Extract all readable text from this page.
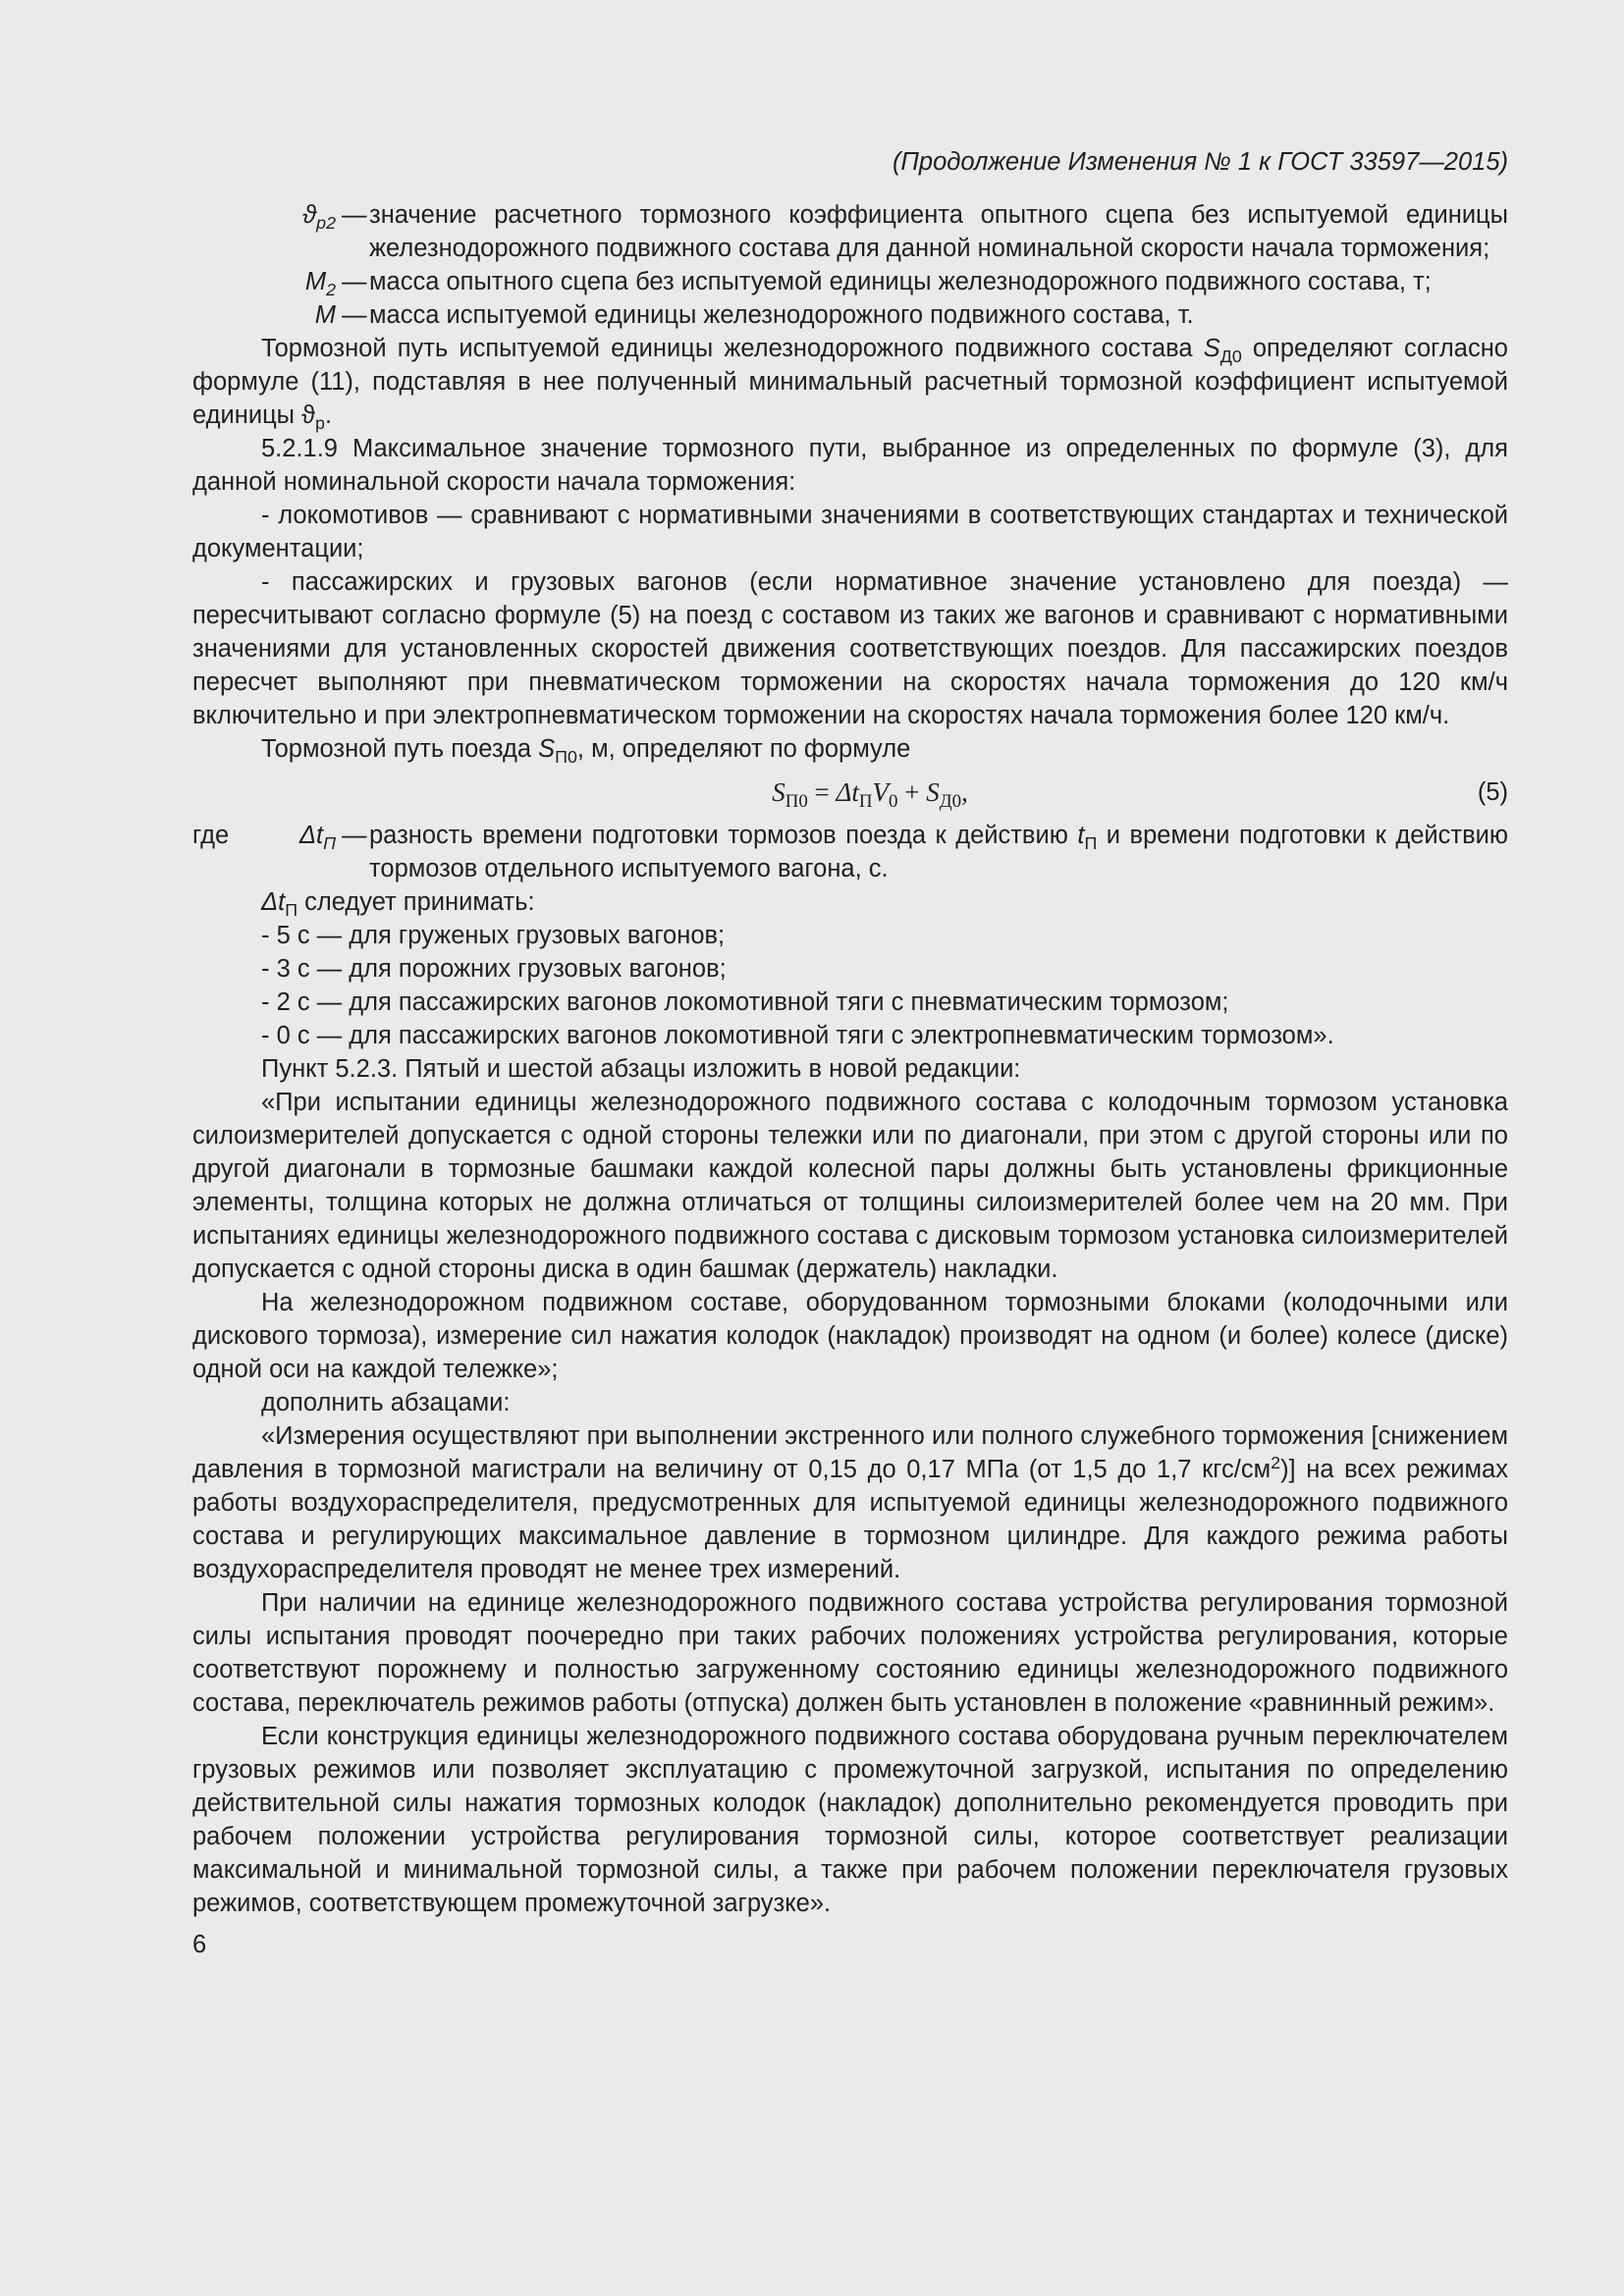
(Продолжение Изменения № 1 к ГОСТ 33597—2015)
$ϑ_{р2}$ — значение расчетного тормозного коэффициента опытного сцепа без испытуемой единицы железнодорожного подвижного состава для данной номинальной скорости начала торможения;
$M_2$ — масса опытного сцепа без испытуемой единицы железнодорожного подвижного состава, т;
M — масса испытуемой единицы железнодорожного подвижного состава, т.

Тормозной путь испытуемой единицы железнодорожного подвижного состава $S_{Д0}$ определяют согласно формуле (11), подставляя в нее полученный минимальный расчетный тормозной коэффициент испытуемой единицы $ϑ_р$.

5.2.1.9 Максимальное значение тормозного пути, выбранное из определенных по формуле (3), для данной номинальной скорости начала торможения:

- локомотивов — сравнивают с нормативными значениями в соответствующих стандартах и технической документации;

- пассажирских и грузовых вагонов (если нормативное значение установлено для поезда) — пересчитывают согласно формуле (5) на поезд с составом из таких же вагонов и сравнивают с нормативными значениями для установленных скоростей движения соответствующих поездов. Для пассажирских поездов пересчет выполняют при пневматическом торможении на скоростях начала торможения до 120 км/ч включительно и при электропневматическом торможении на скоростях начала торможения более 120 км/ч.

Тормозной путь поезда $S_{П0}$, м, определяют по формуле

$S_{П0} = \Delta t_ПV_0 + S_{Д0}$,	(5)
где	$\Delta t_П$ — разность времени подготовки тормозов поезда к действию $t_П$ и времени подготовки к действию тормозов отдельного испытуемого вагона, с.

$\Delta t_П$ следует принимать:

- 5 с — для груженых грузовых вагонов;

- 3 с — для порожних грузовых вагонов;

- 2 с — для пассажирских вагонов локомотивной тяги с пневматическим тормозом;

- 0 с — для пассажирских вагонов локомотивной тяги с электропневматическим тормозом».

Пункт 5.2.3. Пятый и шестой абзацы изложить в новой редакции:

«При испытании единицы железнодорожного подвижного состава с колодочным тормозом установка силоизмерителей допускается с одной стороны тележки или по диагонали, при этом с другой стороны или по другой диагонали в тормозные башмаки каждой колесной пары должны быть установлены фрикционные элементы, толщина которых не должна отличаться от толщины силоизмерителей более чем на 20 мм. При испытаниях единицы железнодорожного подвижного состава с дисковым тормозом установка силоизмерителей допускается с одной стороны диска в один башмак (держатель) накладки.

На железнодорожном подвижном составе, оборудованном тормозными блоками (колодочными или дискового тормоза), измерение сил нажатия колодок (накладок) производят на одном (и более) колесе (диске) одной оси на каждой тележке»;

дополнить абзацами:

«Измерения осуществляют при выполнении экстренного или полного служебного торможения [снижением давления в тормозной магистрали на величину от 0,15 до 0,17 МПа (от 1,5 до 1,7 кгс/$см^2$)] на всех режимах работы воздухораспределителя, предусмотренных для испытуемой единицы железнодорожного подвижного состава и регулирующих максимальное давление в тормозном цилиндре. Для каждого режима работы воздухораспределителя проводят не менее трех измерений.

При наличии на единице железнодорожного подвижного состава устройства регулирования тормозной силы испытания проводят поочередно при таких рабочих положениях устройства регулирования, которые соответствуют порожнему и полностью загруженному состоянию единицы железнодорожного подвижного состава, переключатель режимов работы (отпуска) должен быть установлен в положение «равнинный режим».

Если конструкция единицы железнодорожного подвижного состава оборудована ручным переключателем грузовых режимов или позволяет эксплуатацию с промежуточной загрузкой, испытания по определению действительной силы нажатия тормозных колодок (накладок) дополнительно рекомендуется проводить при рабочем положении устройства регулирования тормозной силы, которое соответствует реализации максимальной и минимальной тормозной силы, а также при рабочем положении переключателя грузовых режимов, соответствующем промежуточной загрузке».

6
